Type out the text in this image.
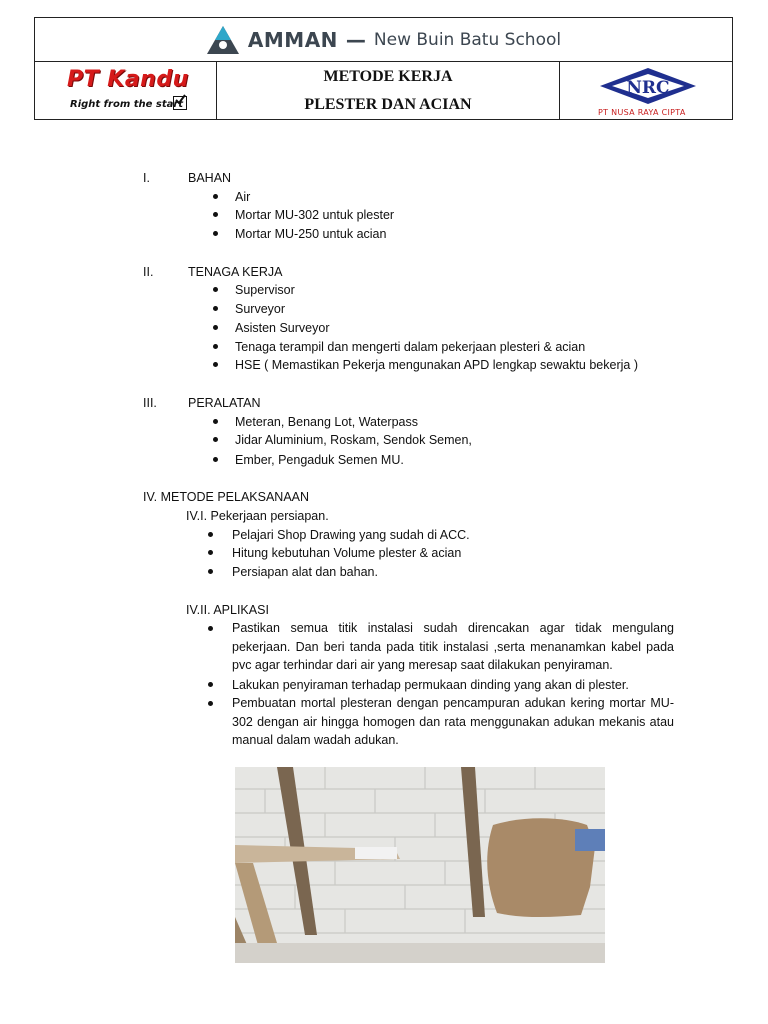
AMMAN — New Buin Batu School
PT Kandu
Right from the start
METODE KERJA
PLESTER DAN ACIAN
NRC
PT NUSA RAYA CIPTA
I.	BAHAN
Air
Mortar MU-302 untuk plester
Mortar MU-250 untuk acian
II.	TENAGA KERJA
Supervisor
Surveyor
Asisten Surveyor
Tenaga terampil dan mengerti dalam pekerjaan plesteri & acian
HSE ( Memastikan Pekerja mengunakan APD lengkap sewaktu bekerja )
III. PERALATAN
Meteran, Benang Lot, Waterpass
Jidar Aluminium, Roskam, Sendok Semen,
Ember, Pengaduk Semen MU.
IV. METODE PELAKSANAAN
IV.I. Pekerjaan persiapan.
Pelajari Shop Drawing yang sudah di ACC.
Hitung kebutuhan Volume plester & acian
Persiapan alat dan bahan.
IV.II. APLIKASI
Pastikan semua titik instalasi sudah direncakan agar tidak mengulang pekerjaan. Dan beri tanda pada titik instalasi ,serta menanamkan kabel pada pvc agar terhindar dari air yang meresap saat dilakukan penyiraman.
Lakukan penyiraman terhadap permukaan dinding yang akan di plester.
Pembuatan mortal plesteran dengan pencampuran adukan kering mortar MU-302 dengan air hingga homogen dan rata menggunakan adukan mekanis atau manual dalam wadah adukan.
